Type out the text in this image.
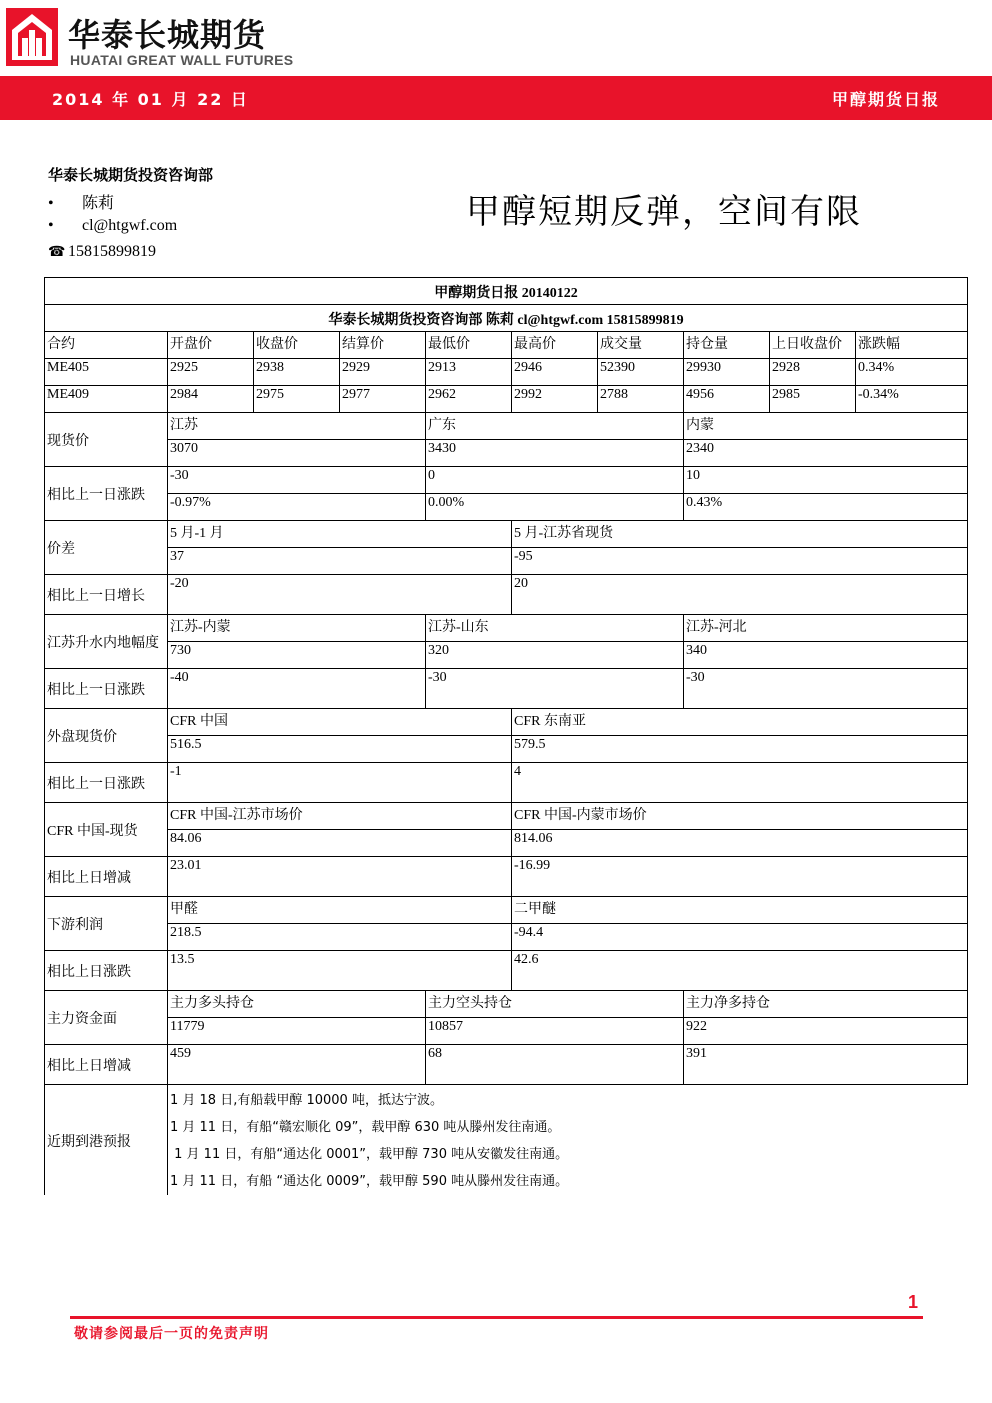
华泰长城期货
HUATAI GREAT WALL FUTURES
2014 年 01 月 22 日	甲醇期货日报
华泰长城期货投资咨询部
• 陈莉
• cl@htgwf.com
☎ 15815899819
甲醇短期反弹，空间有限
甲醇期货日报 20140122									
华泰长城期货投资咨询部 陈莉 cl@htgwf.com 15815899819									
合约	开盘价	收盘价	结算价	最低价	最高价	成交量	持仓量	上日收盘价	涨跌幅
ME405	2925	2938	2929	2913	2946	52390	29930	2928	0.34%
ME409	2984	2975	2977	2962	2992	2788	4956	2985	-0.34%
现货价	江苏			广东			内蒙		
	3070			3430			2340		
相比上一日涨跌	-30			0			10		
	-0.97%			0.00%			0.43%		
价差	5 月-1 月				5 月-江苏省现货				
	37				-95				
相比上一日增长	-20				20				
江苏升水内地幅度	江苏-内蒙			江苏-山东			江苏-河北		
	730			320			340		
相比上一日涨跌	-40			-30			-30		
外盘现货价	CFR 中国				CFR 东南亚				
	516.5				579.5				
相比上一日涨跌	-1				4				
CFR 中国-现货	CFR 中国-江苏市场价				CFR 中国-内蒙市场价				
	84.06				814.06				
相比上日增减	23.01				-16.99				
下游利润	甲醛				二甲醚				
	218.5				-94.4				
相比上日涨跌	13.5				42.6				
主力资金面	主力多头持仓			主力空头持仓			主力净多持仓		
	11779			10857			922		
相比上日增减	459			68			391		
近期到港预报	1 月 18 日,有船载甲醇 10000 吨，抵达宁波。
1 月 11 日，有船“赣宏顺化 09”，载甲醇 630 吨从滕州发往南通。
1 月 11 日，有船“通达化 0001”，载甲醇 730 吨从安徽发往南通。
1 月 11 日，有船 “通达化 0009”，载甲醇 590 吨从滕州发往南通。								
1
敬请参阅最后一页的免责声明
